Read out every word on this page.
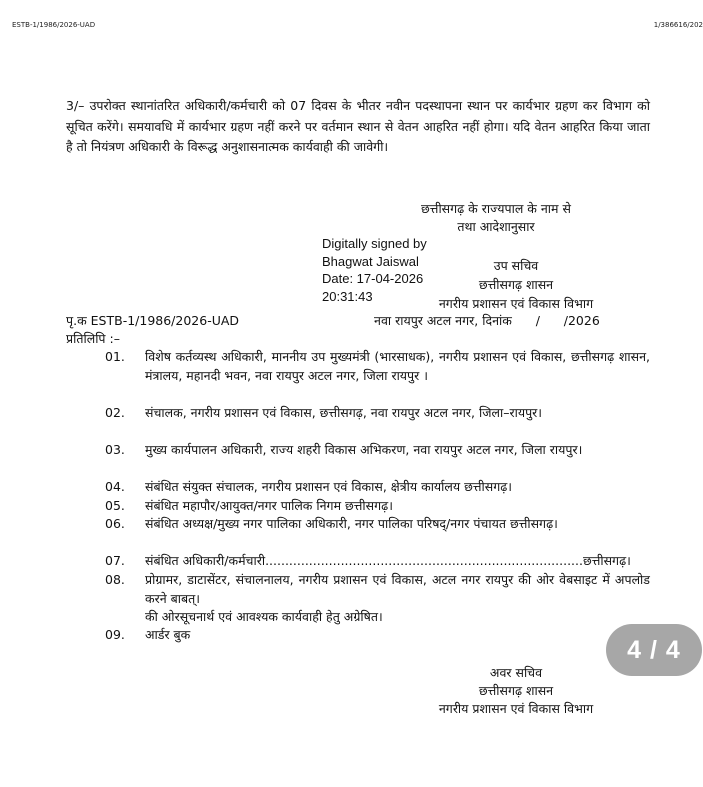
ESTB-1/1986/2026-UAD	1/386616/202
3/– उपरोक्त स्थानांतरित अधिकारी/कर्मचारी को 07 दिवस के भीतर नवीन पदस्थापना स्थान पर कार्यभार ग्रहण कर विभाग को सूचित करेंगे। समयावधि में कार्यभार ग्रहण नहीं करने पर वर्तमान स्थान से वेतन आहरित नहीं होगा। यदि वेतन आहरित किया जाता है तो नियंत्रण अधिकारी के विरूद्ध अनुशासनात्मक कार्यवाही की जावेगी।
छत्तीसगढ़ के राज्यपाल के नाम से
तथा आदेशानुसार
Digitally signed by
Bhagwat Jaiswal
Date: 17-04-2026
20:31:43
उप सचिव
छत्तीसगढ़ शासन
नगरीय प्रशासन एवं विकास विभाग
पृ.क ESTB-1/1986/2026-UAD	नवा रायपुर अटल नगर, दिनांक      /      /2026
प्रतिलिपि :–
01.	विशेष कर्तव्यस्थ अधिकारी, माननीय उप मुख्यमंत्री (भारसाधक), नगरीय प्रशासन एवं विकास, छत्तीसगढ़ शासन, मंत्रालय, महानदी भवन, नवा रायपुर अटल नगर, जिला रायपुर ।
02.	संचालक, नगरीय प्रशासन एवं विकास, छत्तीसगढ़, नवा रायपुर अटल नगर, जिला–रायपुर।
03.	मुख्य कार्यपालन अधिकारी, राज्य शहरी विकास अभिकरण, नवा रायपुर अटल नगर, जिला रायपुर।
04.	संबंधित संयुक्त संचालक, नगरीय प्रशासन एवं विकास, क्षेत्रीय कार्यालय छत्तीसगढ़।
05.	संबंधित महापौर/आयुक्त/नगर पालिक निगम छत्तीसगढ़।
06.	संबंधित अध्यक्ष/मुख्य नगर पालिका अधिकारी, नगर पालिका परिषद्/नगर पंचायत छत्तीसगढ़।
07.	संबंधित अधिकारी/कर्मचारी................................................................................छत्तीसगढ़।
08.	प्रोग्रामर, डाटासेंटर, संचालनालय, नगरीय प्रशासन एवं विकास, अटल नगर रायपुर की ओर वेबसाइट में अपलोड करने बाबत्।
की ओरसूचनार्थ एवं आवश्यक कार्यवाही हेतु अग्रेषित।
09.	आर्डर बुक
4 / 4
अवर सचिव
छत्तीसगढ़ शासन
नगरीय प्रशासन एवं विकास विभाग
